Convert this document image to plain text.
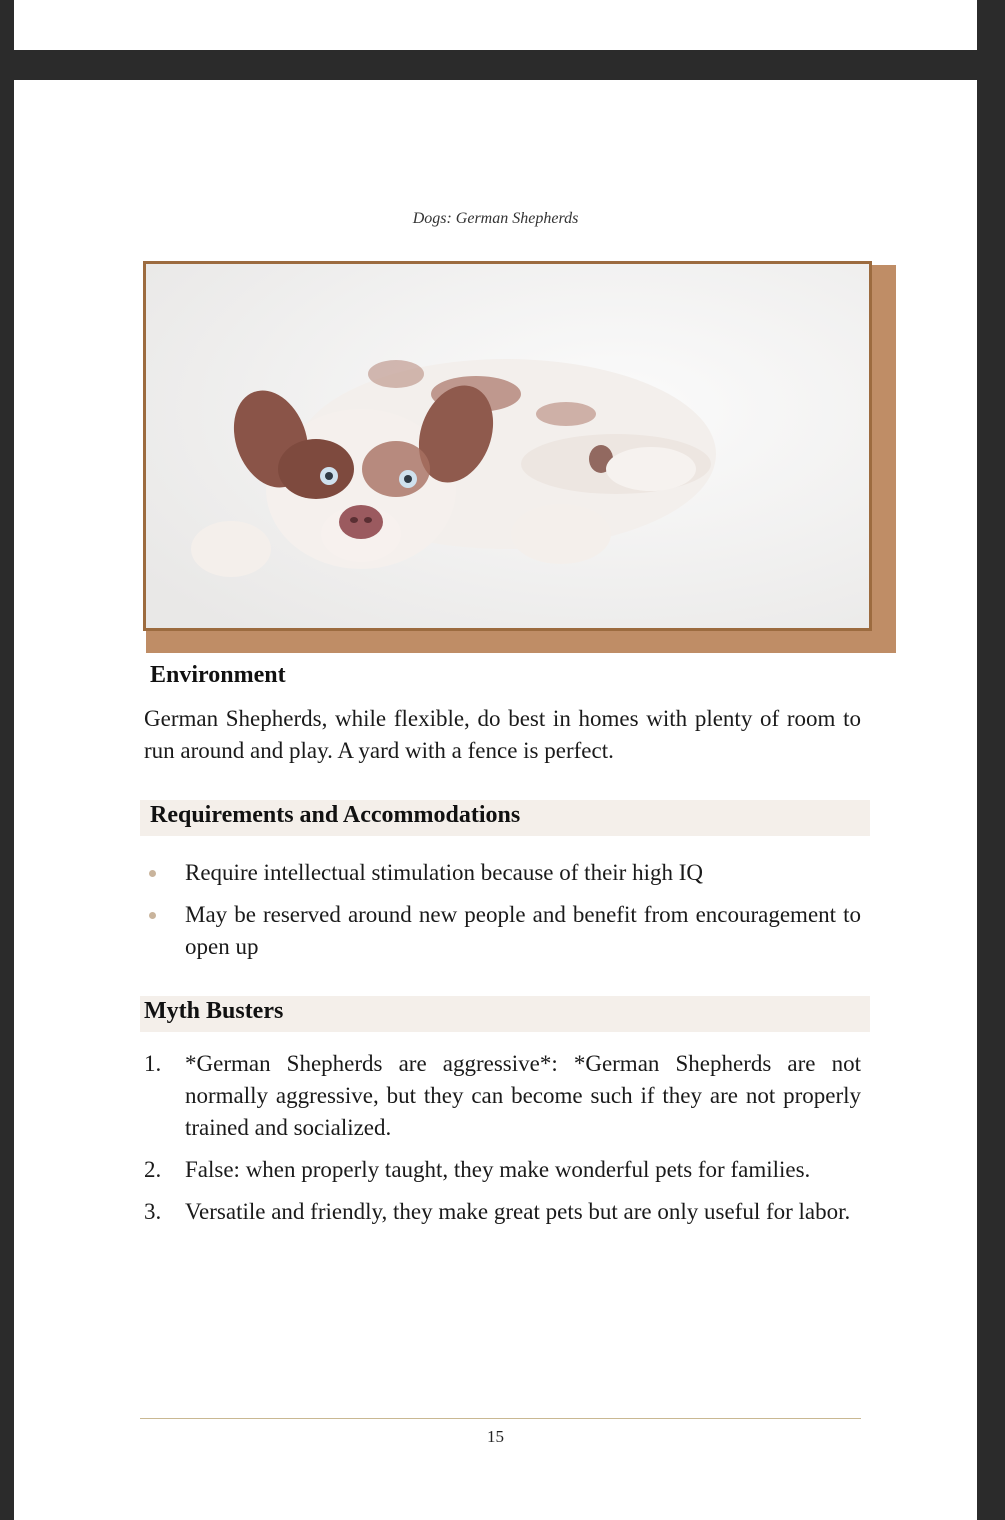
Dogs: German Shepherds
Environment
German Shepherds, while flexible, do best in homes with plenty of room to run around and play. A yard with a fence is perfect.
Requirements and Accommodations
Require intellectual stimulation because of their high IQ
May be reserved around new people and benefit from encouragement to open up
Myth Busters
1. *German Shepherds are aggressive*: *German Shepherds are not normally aggressive, but they can become such if they are not properly trained and socialized.
2. False: when properly taught, they make wonderful pets for families.
3. Versatile and friendly, they make great pets but are only useful for labor.
15
